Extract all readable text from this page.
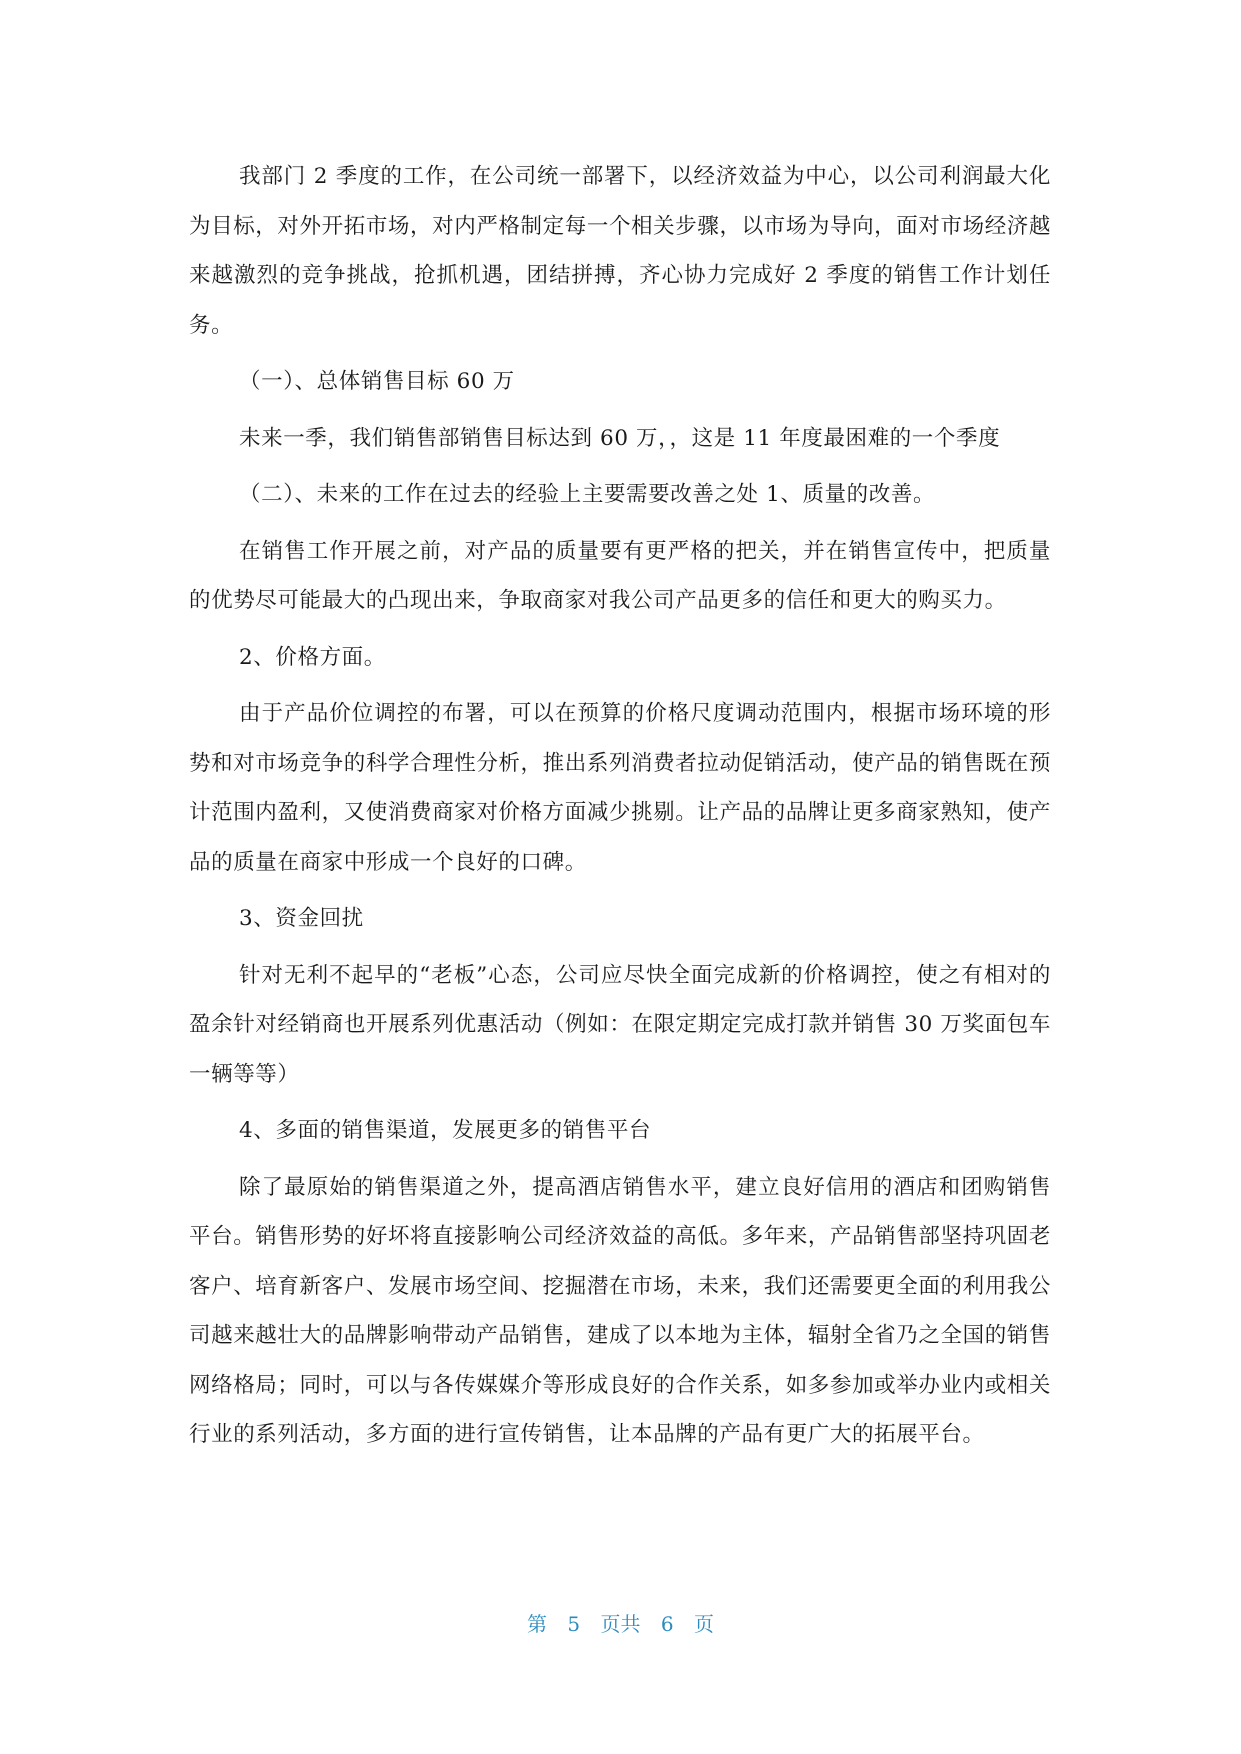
我部门 2 季度的工作，在公司统一部署下，以经济效益为中心，以公司利润最大化为目标，对外开拓市场，对内严格制定每一个相关步骤，以市场为导向，面对市场经济越来越激烈的竞争挑战，抢抓机遇，团结拼搏，齐心协力完成好 2 季度的销售工作计划任务。

（一）、总体销售目标 60 万

未来一季，我们销售部销售目标达到 60 万，，这是 11 年度最困难的一个季度

（二）、未来的工作在过去的经验上主要需要改善之处 1、质量的改善。

在销售工作开展之前，对产品的质量要有更严格的把关，并在销售宣传中，把质量的优势尽可能最大的凸现出来，争取商家对我公司产品更多的信任和更大的购买力。

2、价格方面。

由于产品价位调控的布署，可以在预算的价格尺度调动范围内，根据市场环境的形势和对市场竞争的科学合理性分析，推出系列消费者拉动促销活动，使产品的销售既在预计范围内盈利，又使消费商家对价格方面减少挑剔。让产品的品牌让更多商家熟知，使产品的质量在商家中形成一个良好的口碑。

3、资金回扰

针对无利不起早的“老板”心态，公司应尽快全面完成新的价格调控，使之有相对的盈余针对经销商也开展系列优惠活动（例如：在限定期定完成打款并销售 30 万奖面包车一辆等等）

4、多面的销售渠道，发展更多的销售平台

除了最原始的销售渠道之外，提高酒店销售水平，建立良好信用的酒店和团购销售平台。销售形势的好坏将直接影响公司经济效益的高低。多年来，产品销售部坚持巩固老客户、培育新客户、发展市场空间、挖掘潜在市场，未来，我们还需要更全面的利用我公司越来越壮大的品牌影响带动产品销售，建成了以本地为主体，辐射全省乃之全国的销售网络格局；同时，可以与各传媒媒介等形成良好的合作关系，如多参加或举办业内或相关行业的系列活动，多方面的进行宣传销售，让本品牌的产品有更广大的拓展平台。

第 5 页共 6 页
